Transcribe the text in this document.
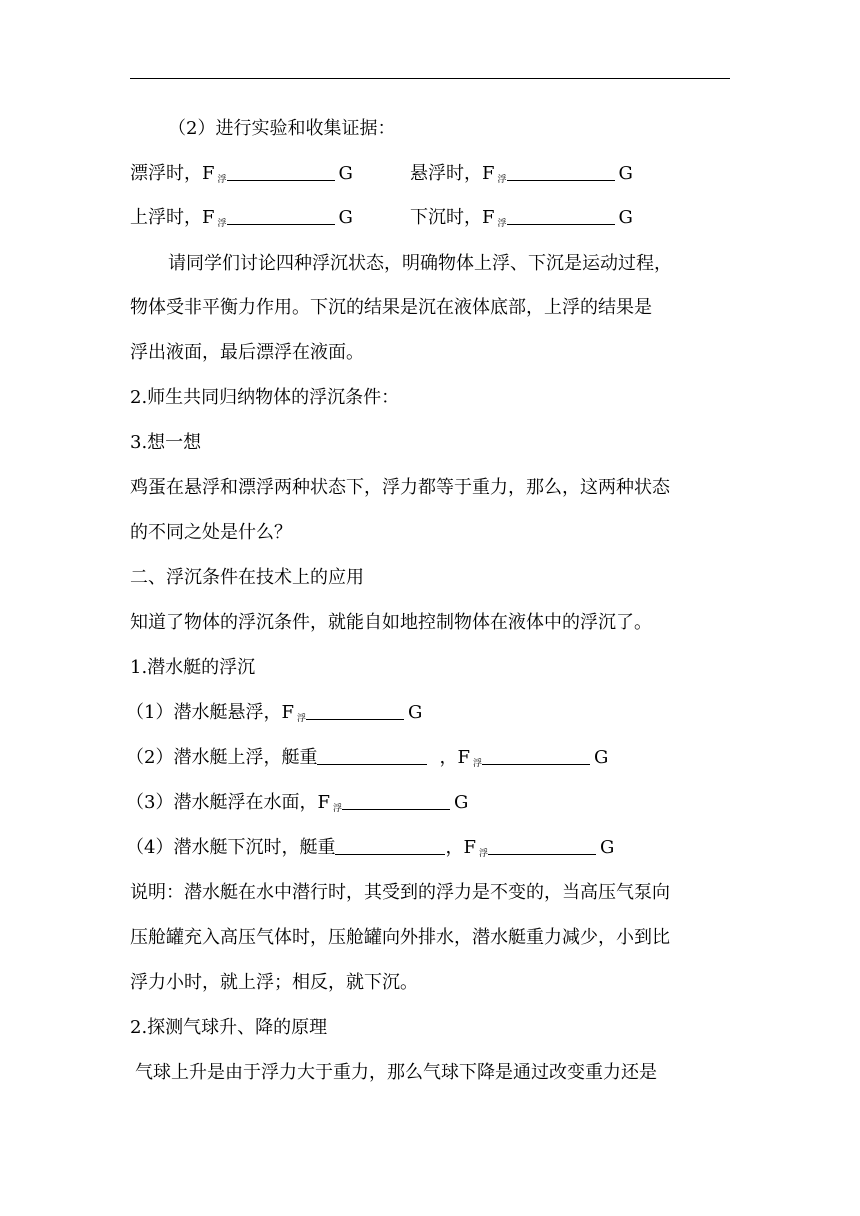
（2）进行实验和收集证据：
漂浮时，F $_浮$	G	悬浮时，F $_浮$	G
上浮时，F $_浮$	G	下沉时，F $_浮$	G
请同学们讨论四种浮沉状态，明确物体上浮、下沉是运动过程，
物体受非平衡力作用。下沉的结果是沉在液体底部，上浮的结果是
浮出液面，最后漂浮在液面。
2.师生共同归纳物体的浮沉条件：
3.想一想
鸡蛋在悬浮和漂浮两种状态下，浮力都等于重力，那么，这两种状态
的不同之处是什么？
二、浮沉条件在技术上的应用
知道了物体的浮沉条件，就能自如地控制物体在液体中的浮沉了。
1.潜水艇的浮沉
（1）潜水艇悬浮，F $_浮$	G
（2）潜水艇上浮，艇重	，F $_浮$	G
（3）潜水艇浮在水面，F $_浮$	G
（4）潜水艇下沉时，艇重	，F $_浮$	G
说明：潜水艇在水中潜行时，其受到的浮力是不变的，当高压气泵向
压舱罐充入高压气体时，压舱罐向外排水，潜水艇重力减少，小到比
浮力小时，就上浮；相反，就下沉。
2.探测气球升、降的原理
气球上升是由于浮力大于重力，那么气球下降是通过改变重力还是
